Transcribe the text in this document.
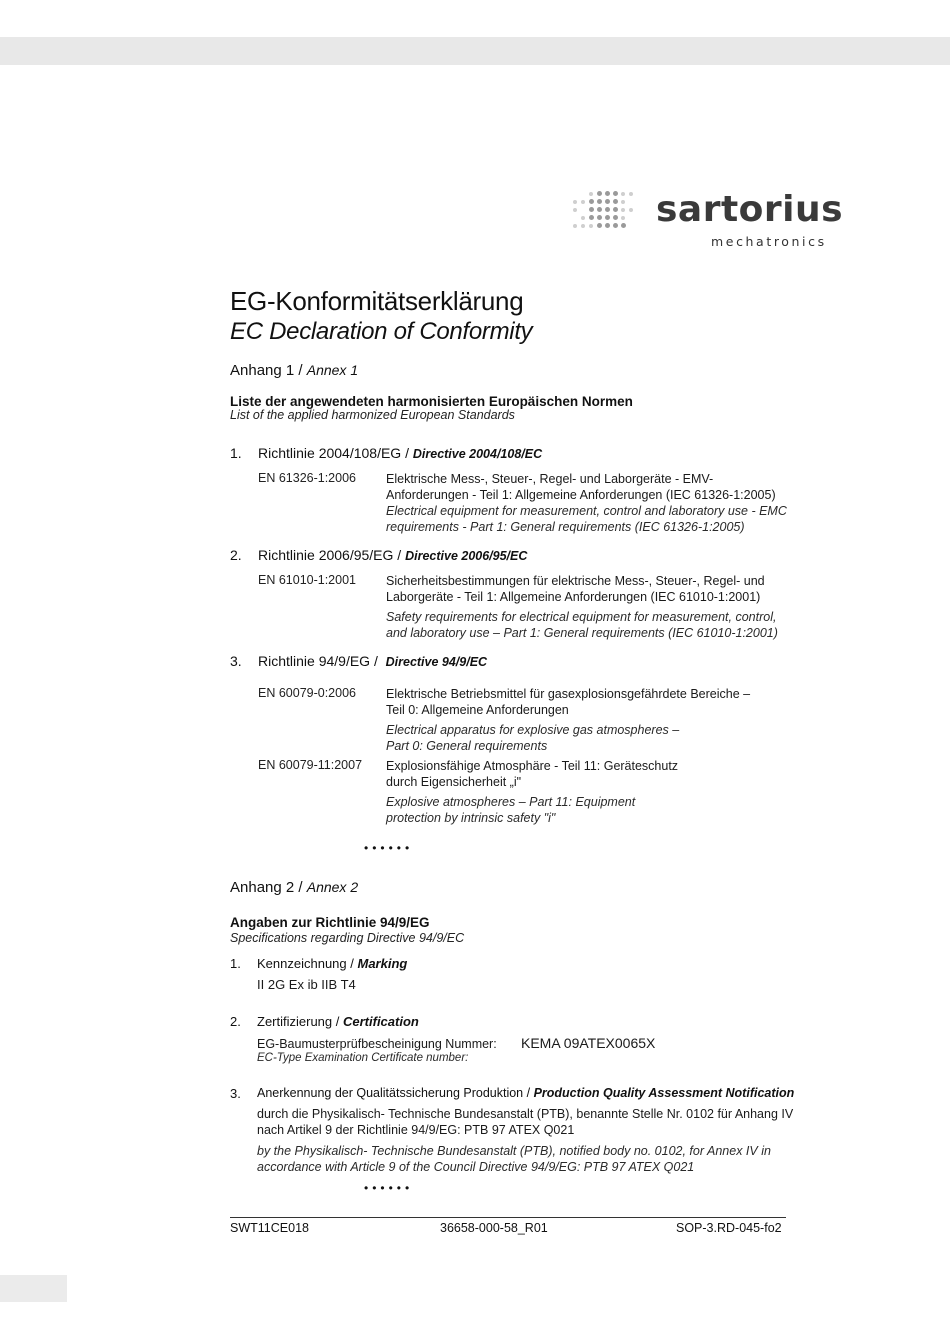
sartorius
mechatronics
EG-Konformitätserklärung
EC Declaration of Conformity
Anhang 1 / Annex 1
Liste der angewendeten harmonisierten Europäischen Normen
List of the applied harmonized European Standards
1. Richtlinie 2004/108/EG / Directive 2004/108/EC
EN 61326-1:2006 Elektrische Mess-, Steuer-, Regel- und Laborgeräte - EMV-Anforderungen - Teil 1: Allgemeine Anforderungen (IEC 61326-1:2005)
Electrical equipment for measurement, control and laboratory use - EMC requirements - Part 1: General requirements (IEC 61326-1:2005)
2. Richtlinie 2006/95/EG / Directive 2006/95/EC
EN 61010-1:2001 Sicherheitsbestimmungen für elektrische Mess-, Steuer-, Regel- und Laborgeräte - Teil 1: Allgemeine Anforderungen (IEC 61010-1:2001)
Safety requirements for electrical equipment for measurement, control, and laboratory use – Part 1: General requirements (IEC 61010-1:2001)
3. Richtlinie 94/9/EG / Directive 94/9/EC
EN 60079-0:2006 Elektrische Betriebsmittel für gasexplosionsgefährdete Bereiche – Teil 0: Allgemeine Anforderungen
Electrical apparatus for explosive gas atmospheres – Part 0: General requirements
EN 60079-11:2007 Explosionsfähige Atmosphäre - Teil 11: Geräteschutz durch Eigensicherheit „i"
Explosive atmospheres – Part 11: Equipment protection by intrinsic safety "i"
••••••
Anhang 2 / Annex 2
Angaben zur Richtlinie 94/9/EG
Specifications regarding Directive 94/9/EC
1. Kennzeichnung / Marking
II 2G Ex ib IIB T4
2. Zertifizierung / Certification
EG-Baumusterprüfbescheinigung Nummer:
EC-Type Examination Certificate number:
KEMA 09ATEX0065X
3. Anerkennung der Qualitätssicherung Produktion / Production Quality Assessment Notification
durch die Physikalisch- Technische Bundesanstalt (PTB), benannte Stelle Nr. 0102 für Anhang IV
nach Artikel 9 der Richtlinie 94/9/EG: PTB 97 ATEX Q021
by the Physikalisch- Technische Bundesanstalt (PTB), notified body no. 0102, for Annex IV in
accordance with Article 9 of the Council Directive 94/9/EG: PTB 97 ATEX Q021
••••••
SWT11CE018	36658-000-58_R01	SOP-3.RD-045-fo2
